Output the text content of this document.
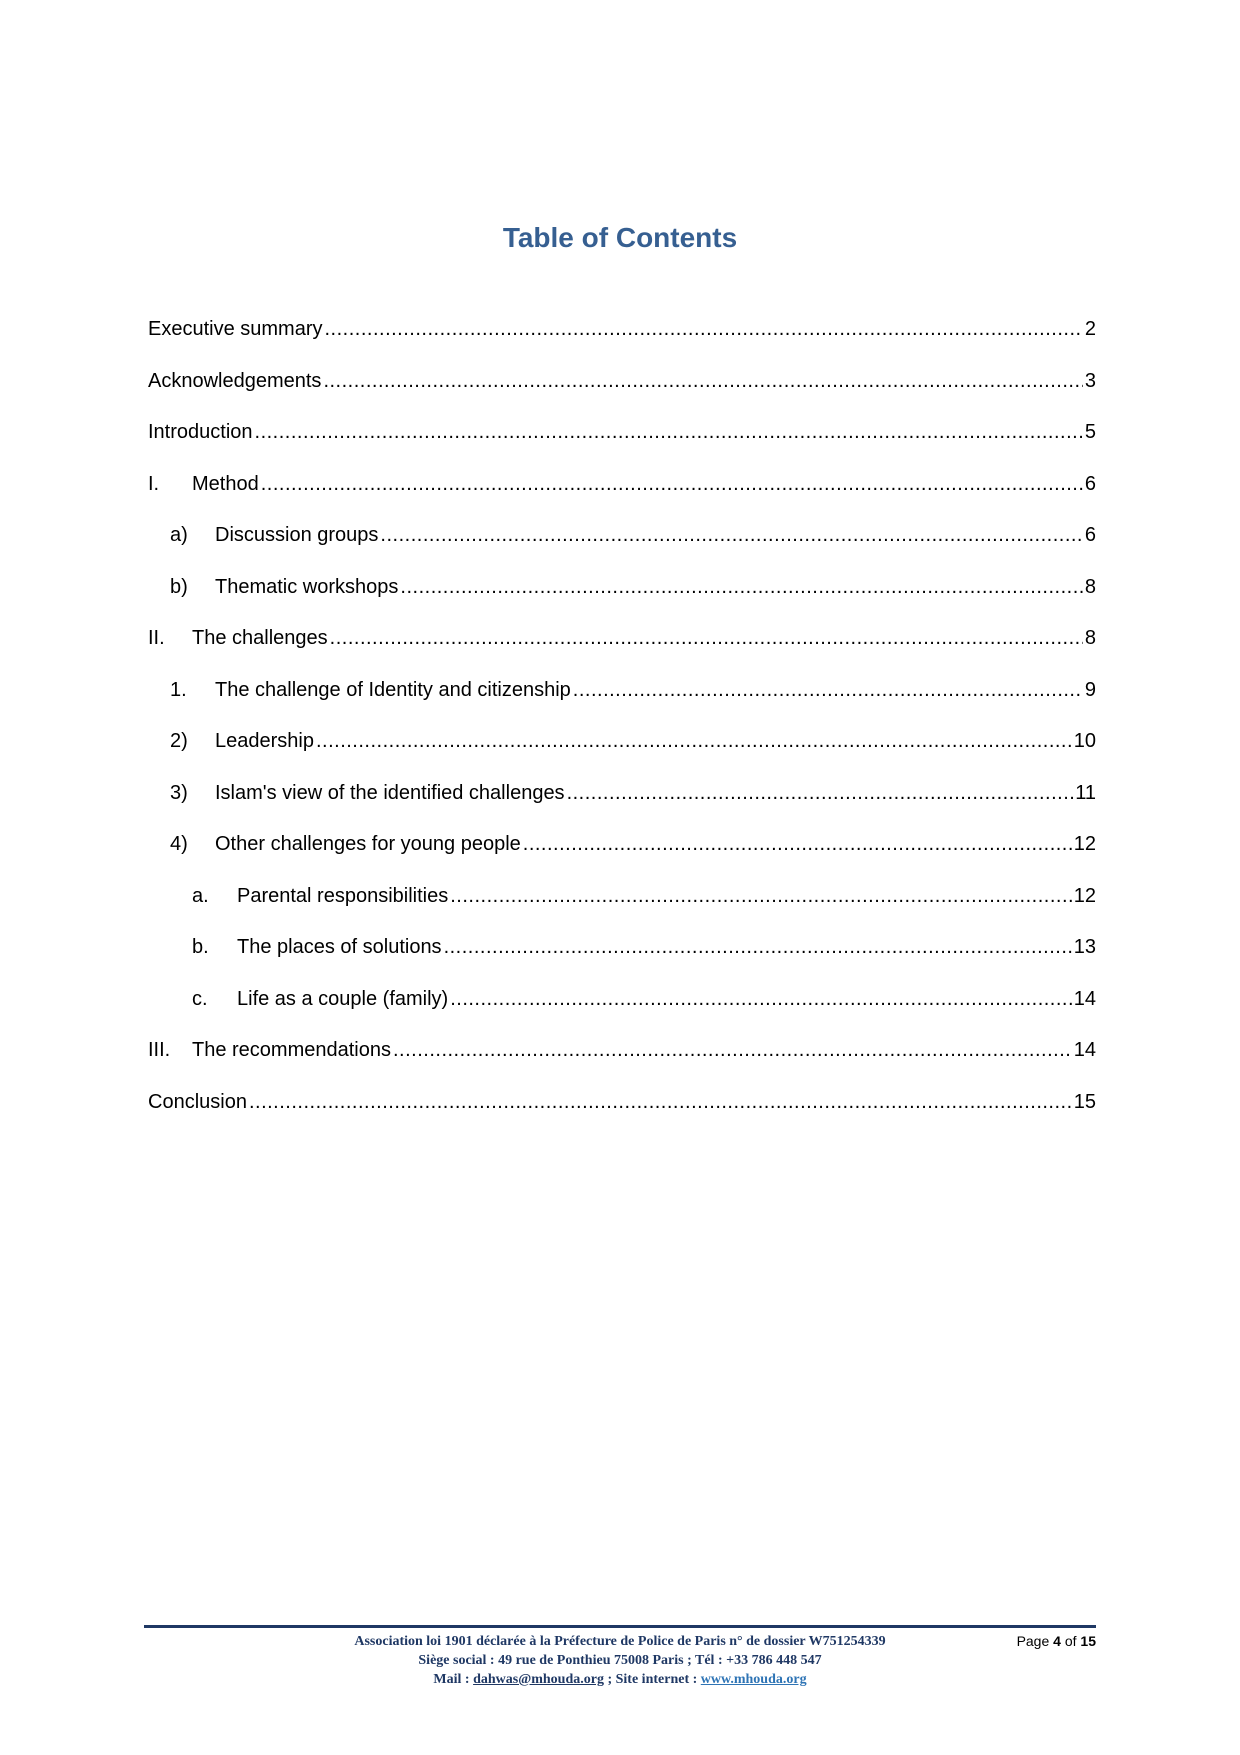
Table of Contents
Executive summary .....	2
Acknowledgements .....	3
Introduction .....	5
I.	Method .....	6
a)	Discussion groups .....	6
b)	Thematic workshops .....	8
II.	The challenges .....	8
1.	The challenge of Identity and citizenship .....	9
2)	Leadership .....	10
3)	Islam's view of the identified challenges .....	11
4)	Other challenges for young people .....	12
a.	Parental responsibilities .....	12
b.	The places of solutions .....	13
c.	Life as a couple (family) .....	14
III.	The recommendations .....	14
Conclusion .....	15
Association loi 1901 déclarée à la Préfecture de Police de Paris n° de dossier W751254339	Page 4 of 15
Siège social : 49 rue de Ponthieu 75008 Paris ; Tél : +33 786 448 547
Mail : dahwas@mhouda.org ; Site internet : www.mhouda.org
